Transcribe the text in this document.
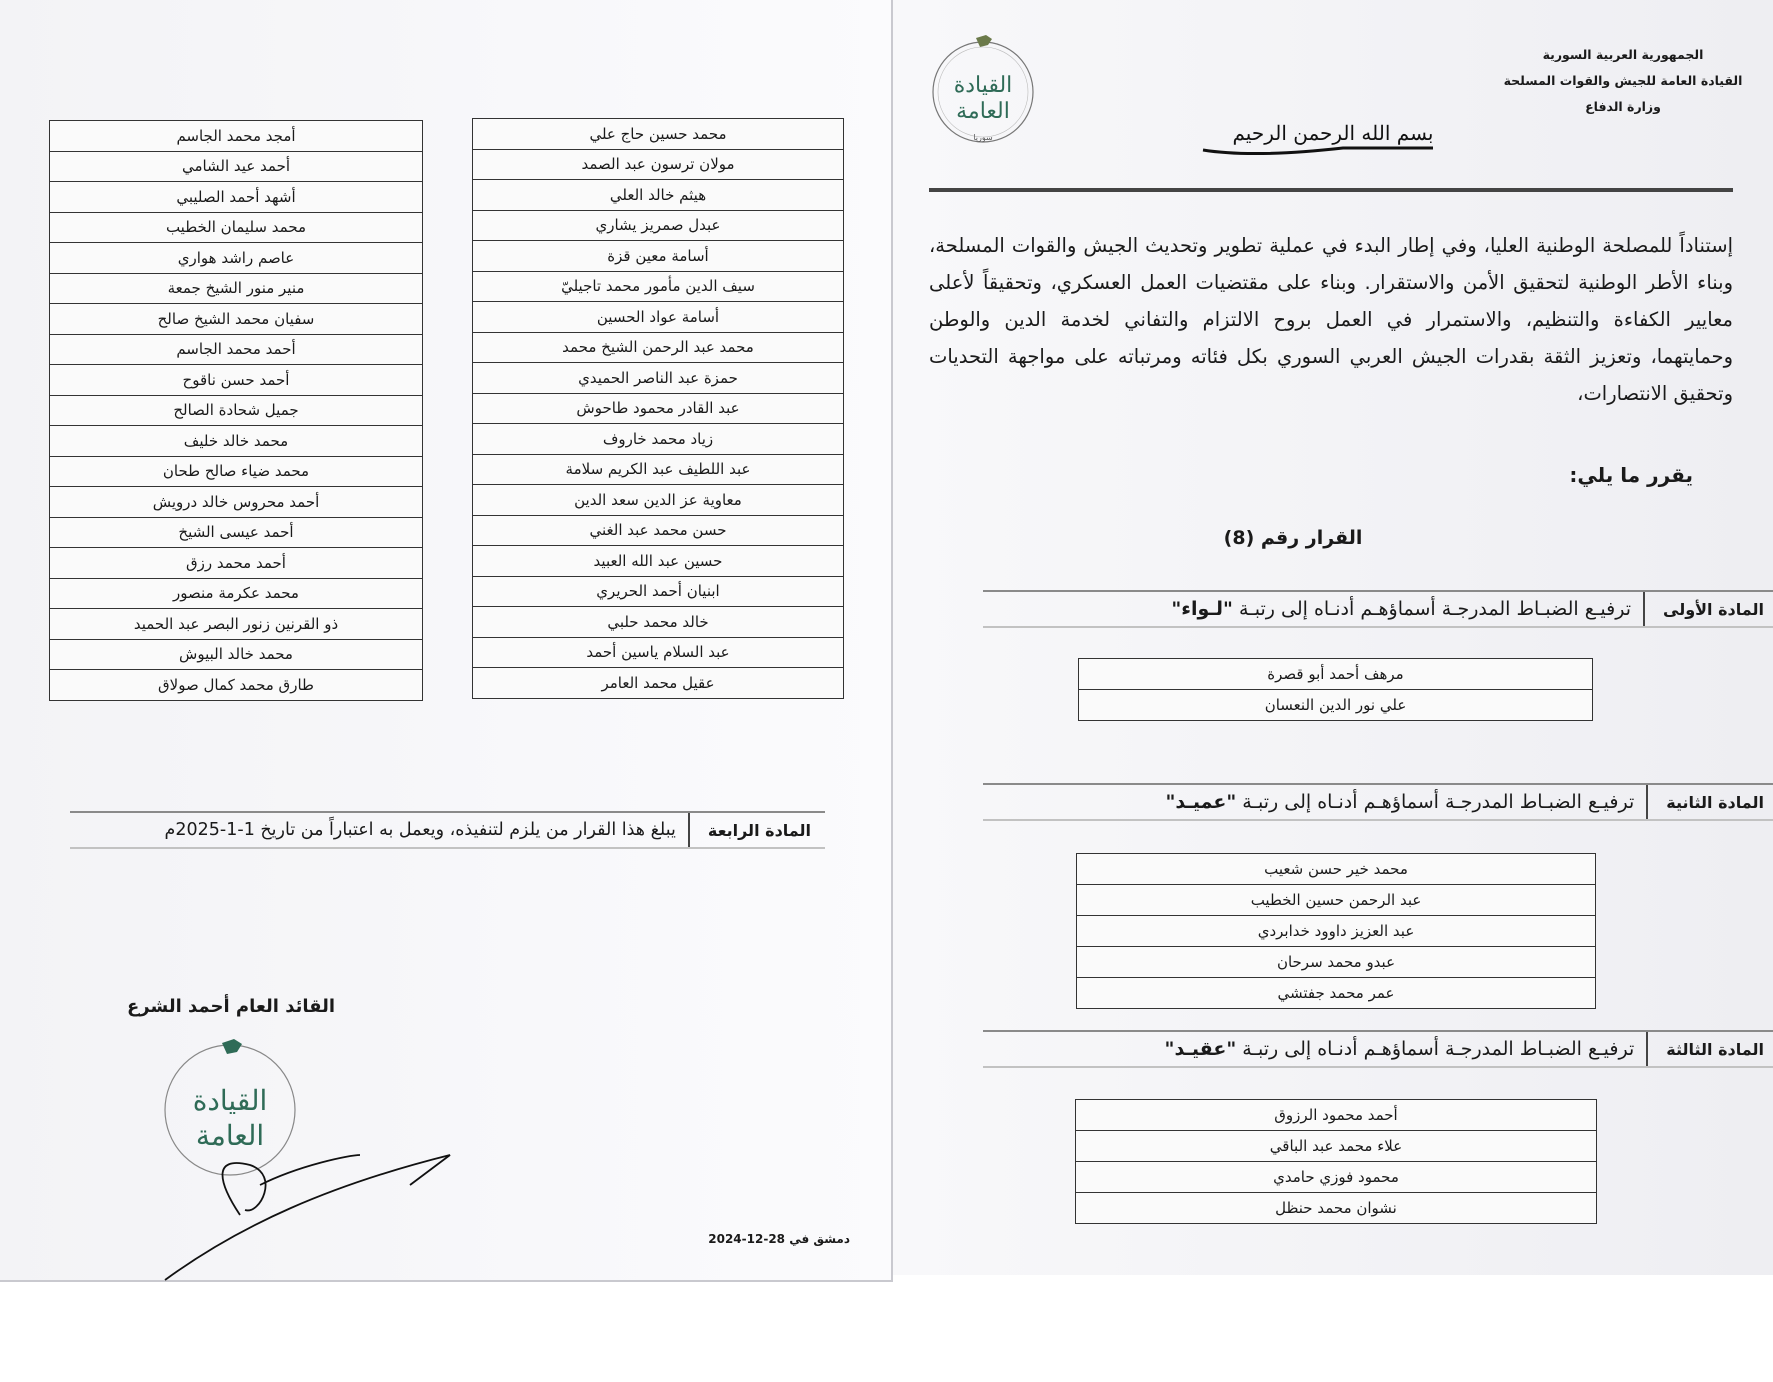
الجمهورية العربية السورية
القيادة العامة للجيش والقوات المسلحة
وزارة الدفاع
القيادة
العامة
سوريا	بسم الله الرحمن الرحيم
إستناداً للمصلحة الوطنية العليا، وفي إطار البدء في عملية تطوير وتحديث الجيش والقوات المسلحة، وبناء الأطر الوطنية لتحقيق الأمن والاستقرار. وبناء على مقتضيات العمل العسكري، وتحقيقاً لأعلى معايير الكفاءة والتنظيم، والاستمرار في العمل بروح الالتزام والتفاني لخدمة الدين والوطن وحمايتهما، وتعزيز الثقة بقدرات الجيش العربي السوري بكل فئاته ومرتباته على مواجهة التحديات وتحقيق الانتصارات،
يقرر ما يلي:
القرار رقم (8)
المادة الأولى
ترفيـع الضبـاط المدرجـة أسماؤهـم أدنـاه إلى رتبـة "لـواء"
مرهف أحمد أبو قصرة
علي نور الدين النعسان
المادة الثانية
ترفيـع الضبـاط المدرجـة أسماؤهـم أدنـاه إلى رتبـة "عميـد"
محمد خير حسن شعيب
عبد الرحمن حسين الخطيب
عبد العزيز داوود خدابردي
عبدو محمد سرحان
عمر محمد جفتشي
المادة الثالثة
ترفيـع الضبـاط المدرجـة أسماؤهـم أدنـاه إلى رتبـة "عقيـد"
أحمد محمود الرزوق
علاء محمد عبد الباقي
محمود فوزي حامدي
نشوان محمد حنظل
محمد حسين حاج علي
مولان ترسون عبد الصمد
هيثم خالد العلي
عبدل صمريز يشاري
أسامة معين قزة
سيف الدين مأمور محمد تاجيليّ
أسامة عواد الحسين
محمد عبد الرحمن الشيخ محمد
حمزة عبد الناصر الحميدي
عبد القادر محمود طاحوش
زياد محمد خاروف
عبد اللطيف عبد الكريم سلامة
معاوية عز الدين سعد الدين
حسن محمد عبد الغني
حسين عبد الله العبيد
ابنيان أحمد الحريري
خالد محمد حلبي
عبد السلام ياسين أحمد
عقيل محمد العامر
أمجد محمد الجاسم
أحمد عيد الشامي
أشهد أحمد الصليبي
محمد سليمان الخطيب
عاصم راشد هواري
منير منور الشيخ جمعة
سفيان محمد الشيخ صالح
أحمد محمد الجاسم
أحمد حسن ناقوح
جميل شحادة الصالح
محمد خالد خليف
محمد ضياء صالح طحان
أحمد محروس خالد درويش
أحمد عيسى الشيخ
أحمد محمد رزق
محمد عكرمة منصور
ذو القرنين زنور البصر عبد الحميد
محمد خالد البيوش
طارق محمد كمال صولاق
المادة الرابعة
يبلغ هذا القرار من يلزم لتنفيذه، ويعمل به اعتباراً من تاريخ 1-1-2025م
القائد العام أحمد الشرع
القيادة
العامة
دمشق في 28-12-2024
